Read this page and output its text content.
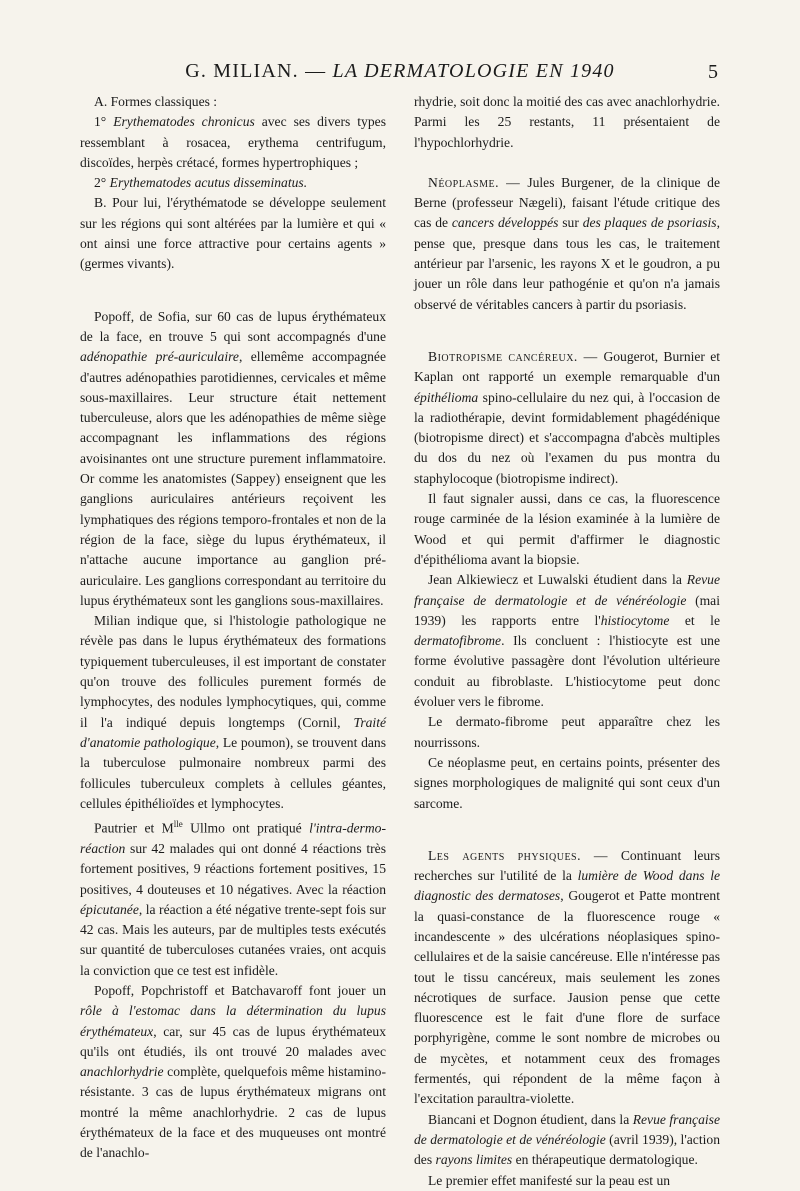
G. MILIAN. — LA DERMATOLOGIE EN 1940	5

A. Formes classiques :

1° Erythematodes chronicus avec ses divers types ressemblant à rosacea, erythema centrifugum, discoïdes, herpès crétacé, formes hypertrophiques ;

2° Erythematodes acutus disseminatus.

B. Pour lui, l'érythématode se développe seulement sur les régions qui sont altérées par la lumière et qui « ont ainsi une force attractive pour certains agents » (germes vivants).

Popoff, de Sofia, sur 60 cas de lupus érythémateux de la face, en trouve 5 qui sont accompagnés d'une adénopathie pré-auriculaire, ellemême accompagnée d'autres adénopathies parotidiennes, cervicales et même sous-maxillaires. Leur structure était nettement tuberculeuse, alors que les adénopathies de même siège accompagnant les inflammations des régions avoisinantes ont une structure purement inflammatoire. Or comme les anatomistes (Sappey) enseignent que les ganglions auriculaires antérieurs reçoivent les lymphatiques des régions temporo-frontales et non de la région de la face, siège du lupus érythémateux, il n'attache aucune importance au ganglion pré-auriculaire. Les ganglions correspondant au territoire du lupus érythémateux sont les ganglions sous-maxillaires.

Milian indique que, si l'histologie pathologique ne révèle pas dans le lupus érythémateux des formations typiquement tuberculeuses, il est important de constater qu'on trouve des follicules purement formés de lymphocytes, des nodules lymphocytiques, qui, comme il l'a indiqué depuis longtemps (Cornil, Traité d'anatomie pathologique, Le poumon), se trouvent dans la tuberculose pulmonaire nombreux parmi des follicules tuberculeux complets à cellules géantes, cellules épithélioïdes et lymphocytes.

Pautrier et $M^{lle}$ Ullmo ont pratiqué l'intra-dermo-réaction sur 42 malades qui ont donné 4 réactions très fortement positives, 9 réactions fortement positives, 15 positives, 4 douteuses et 10 négatives. Avec la réaction épicutanée, la réaction a été négative trente-sept fois sur 42 cas. Mais les auteurs, par de multiples tests exécutés sur quantité de tuberculoses cutanées vraies, ont acquis la conviction que ce test est infidèle.

Popoff, Popchristoff et Batchavaroff font jouer un rôle à l'estomac dans la détermination du lupus érythémateux, car, sur 45 cas de lupus érythémateux qu'ils ont étudiés, ils ont trouvé 20 malades avec anachlorhydrie complète, quelquefois même histamino-résistante. 3 cas de lupus érythémateux migrans ont montré la même anachlorhydrie. 2 cas de lupus érythémateux de la face et des muqueuses ont montré de l'anachlo-

rhydrie, soit donc la moitié des cas avec anachlorhydrie. Parmi les 25 restants, 11 présentaient de l'hypochlorhydrie.

Néoplasme. — Jules Burgener, de la clinique de Berne (professeur Nægeli), faisant l'étude critique des cas de cancers développés sur des plaques de psoriasis, pense que, presque dans tous les cas, le traitement antérieur par l'arsenic, les rayons X et le goudron, a pu jouer un rôle dans leur pathogénie et qu'on n'a jamais observé de véritables cancers à partir du psoriasis.

Biotropisme cancéreux. — Gougerot, Burnier et Kaplan ont rapporté un exemple remarquable d'un épithélioma spino-cellulaire du nez qui, à l'occasion de la radiothérapie, devint formidablement phagédénique (biotropisme direct) et s'accompagna d'abcès multiples du dos du nez où l'examen du pus montra du staphylocoque (biotropisme indirect).

Il faut signaler aussi, dans ce cas, la fluorescence rouge carminée de la lésion examinée à la lumière de Wood et qui permit d'affirmer le diagnostic d'épithélioma avant la biopsie.

Jean Alkiewiecz et Luwalski étudient dans la Revue française de dermatologie et de vénéréologie (mai 1939) les rapports entre l'histiocytome et le dermatofibrome. Ils concluent : l'histiocyte est une forme évolutive passagère dont l'évolution ultérieure conduit au fibroblaste. L'histiocytome peut donc évoluer vers le fibrome.

Le dermato-fibrome peut apparaître chez les nourrissons.

Ce néoplasme peut, en certains points, présenter des signes morphologiques de malignité qui sont ceux d'un sarcome.

Les agents physiques. — Continuant leurs recherches sur l'utilité de la lumière de Wood dans le diagnostic des dermatoses, Gougerot et Patte montrent la quasi-constance de la fluorescence rouge « incandescente » des ulcérations néoplasiques spino-cellulaires et de la saisie cancéreuse. Elle n'intéresse pas tout le tissu cancéreux, mais seulement les zones nécrotiques de surface. Jausion pense que cette fluorescence est le fait d'une flore de surface porphyrigène, comme le sont nombre de microbes ou de mycètes, et notamment ceux des fromages fermentés, qui répondent de la même façon à l'excitation paraultra-violette.

Biancani et Dognon étudient, dans la Revue française de dermatologie et de vénéréologie (avril 1939), l'action des rayons limites en thérapeutique dermatologique.

Le premier effet manifesté sur la peau est un
